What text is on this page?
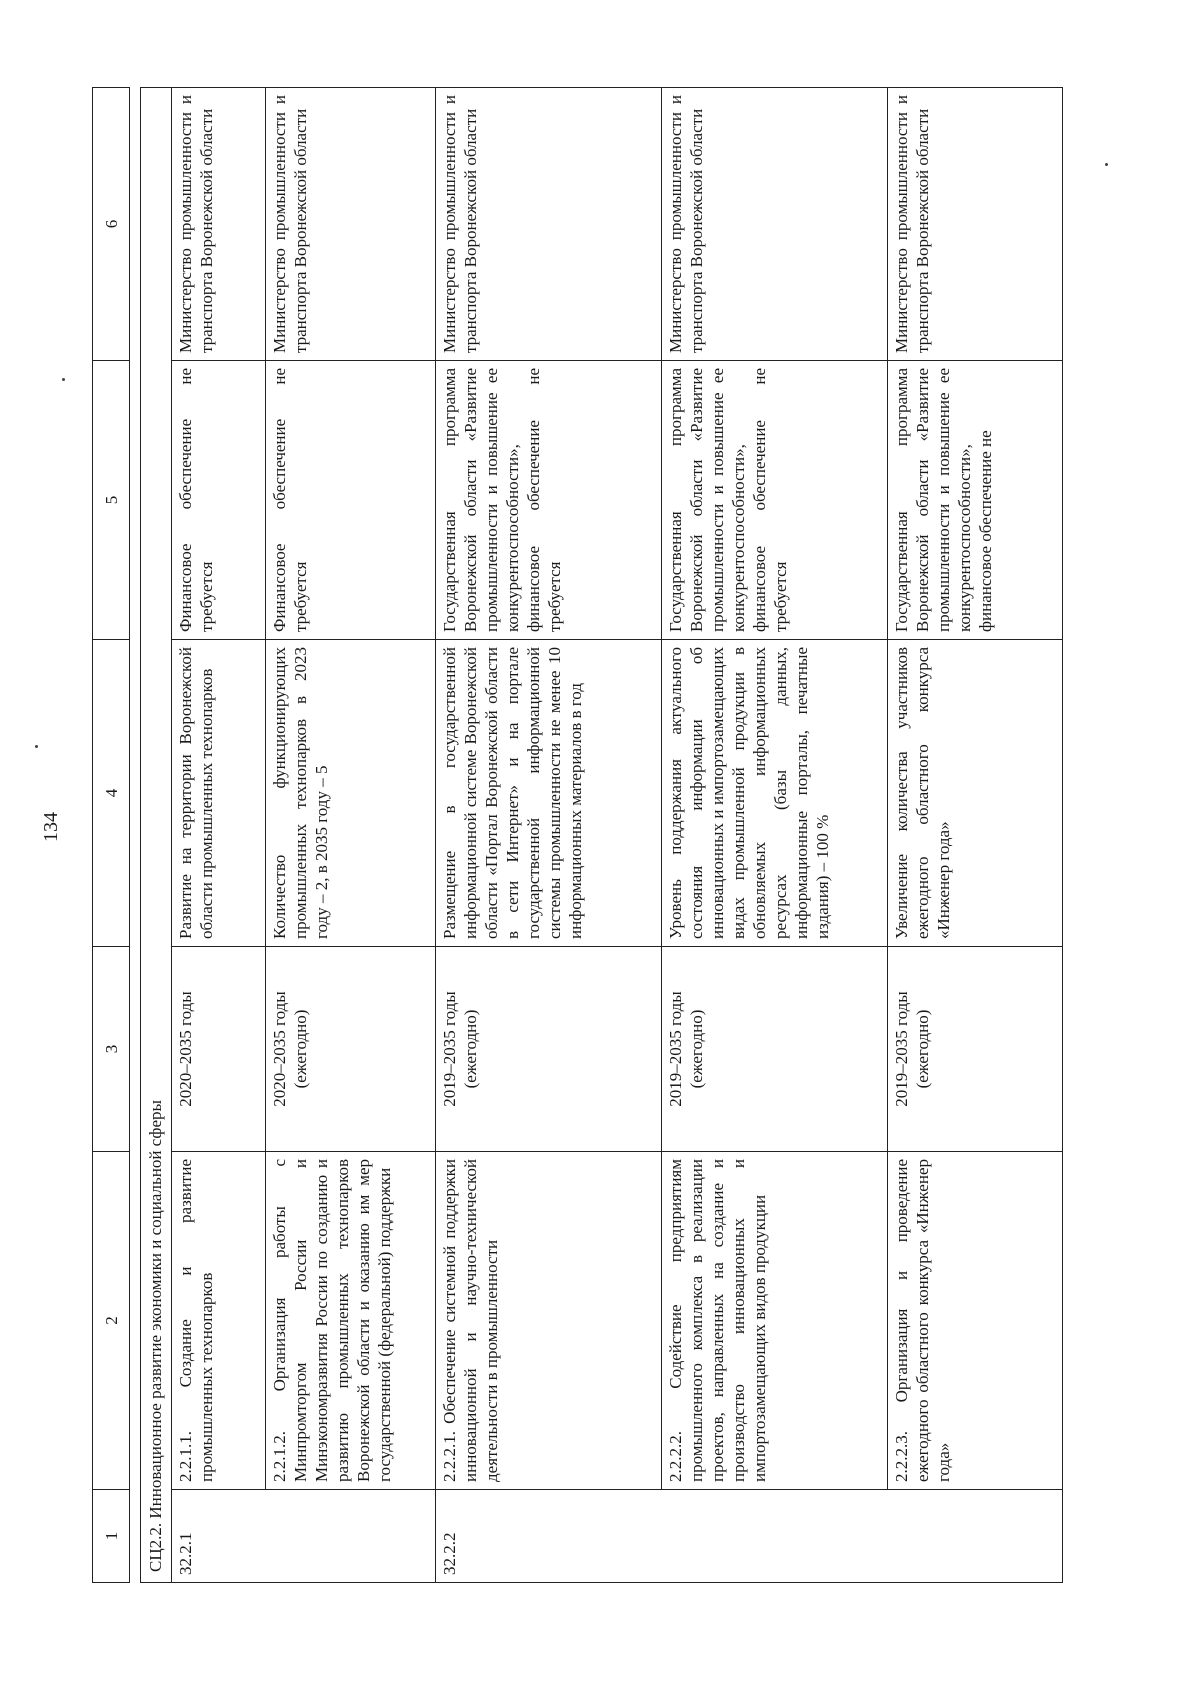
134
1	2	3	4	5	6

СЦ2.2. Инновационное развитие экономики и социальной сферы					
32.2.1	2.2.1.1. Создание и развитие промышленных технопарков	2020–2035 годы	Развитие на территории Воронежской области промышленных технопарков	Финансовое обеспечение не требуется	Министерство промышленности и транспорта Воронежской области
	2.2.1.2. Организация работы с Минпромторгом России и Минэкономразвития России по созданию и развитию промышленных технопарков Воронежской области и оказанию им мер государственной (федеральной) поддержки	2020–2035 годы (ежегодно)	Количество функционирующих промышленных технопарков в 2023 году – 2, в 2035 году – 5	Финансовое обеспечение не требуется	Министерство промышленности и транспорта Воронежской области
32.2.2	2.2.2.1. Обеспечение системной поддержки инновационной и научно-технической деятельности в промышленности	2019–2035 годы (ежегодно)	Размещение в государственной информационной системе Воронежской области «Портал Воронежской области в сети Интернет» и на портале государственной информационной системы промышленности не менее 10 информационных материалов в год	Государственная программа Воронежской области «Развитие промышленности и повышение ее конкурентоспособности», финансовое обеспечение не требуется	Министерство промышленности и транспорта Воронежской области
	2.2.2.2. Содействие предприятиям промышленного комплекса в реализации проектов, направленных на создание и производство инновационных и импортозамещающих видов продукции	2019–2035 годы (ежегодно)	Уровень поддержания актуального состояния информации об инновационных и импортозамещающих видах промышленной продукции в обновляемых информационных ресурсах (базы данных, информационные порталы, печатные издания) – 100 %	Государственная программа Воронежской области «Развитие промышленности и повышение ее конкурентоспособности», финансовое обеспечение не требуется	Министерство промышленности и транспорта Воронежской области
	2.2.2.3. Организация и проведение ежегодного областного конкурса «Инженер года»	2019–2035 годы (ежегодно)	Увеличение количества участников ежегодного областного конкурса «Инженер года»	Государственная программа Воронежской области «Развитие промышленности и повышение ее конкурентоспособности», финансовое обеспечение не	Министерство промышленности и транспорта Воронежской области
